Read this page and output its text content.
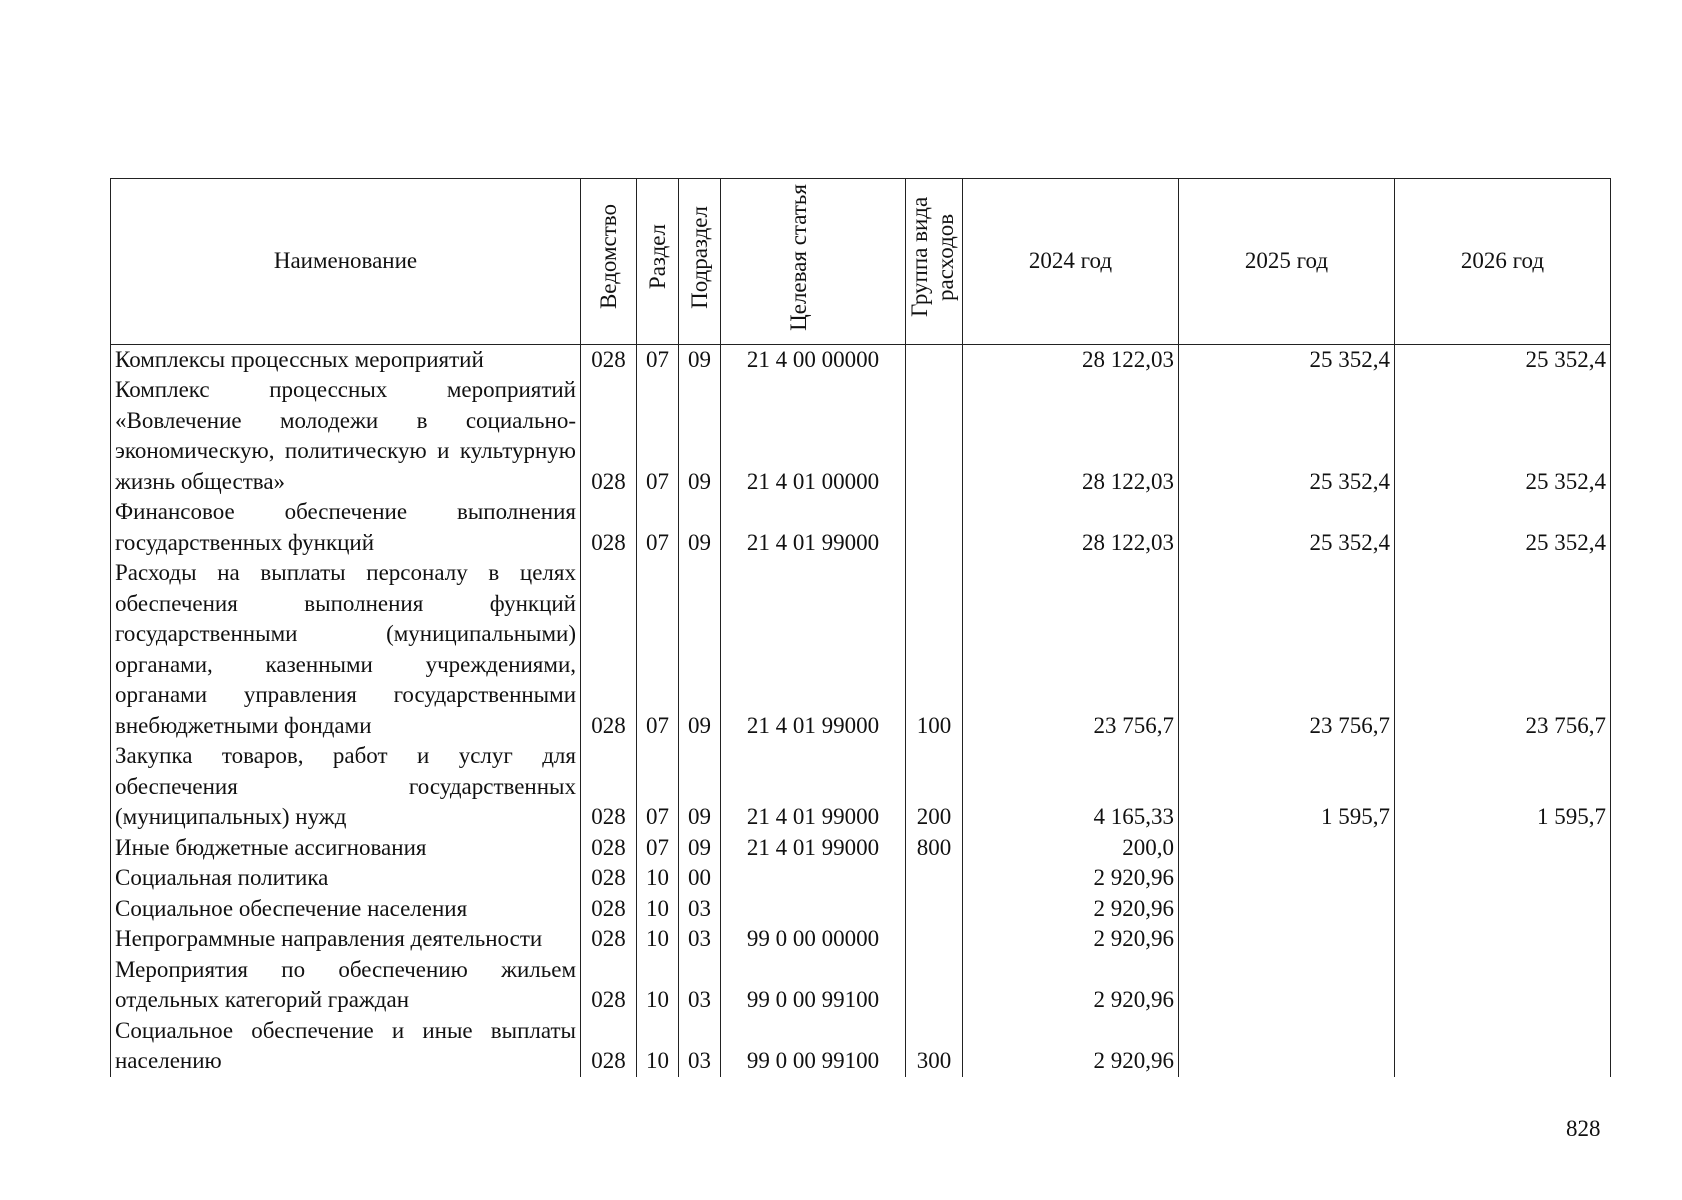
Наименование	Ведомство	Раздел	Подраздел	Целевая статья	Группа вида расходов	2024 год	2025 год	2026 год
Комплексы процессных мероприятий	028	07	09	21 4 00 00000		28 122,03	25 352,4	25 352,4
Комплекс процессных мероприятий «Вовлечение молодежи в социально-экономическую, политическую и культурную жизнь общества»	028	07	09	21 4 01 00000		28 122,03	25 352,4	25 352,4
Финансовое обеспечение выполнения государственных функций	028	07	09	21 4 01 99000		28 122,03	25 352,4	25 352,4
Расходы на выплаты персоналу в целях обеспечения выполнения функций государственными (муниципальными) органами, казенными учреждениями, органами управления государственными внебюджетными фондами	028	07	09	21 4 01 99000	100	23 756,7	23 756,7	23 756,7
Закупка товаров, работ и услуг для обеспечения государственных (муниципальных) нужд	028	07	09	21 4 01 99000	200	4 165,33	1 595,7	1 595,7
Иные бюджетные ассигнования	028	07	09	21 4 01 99000	800	200,0		
Социальная политика	028	10	00			2 920,96		
Социальное обеспечение населения	028	10	03			2 920,96		
Непрограммные направления деятельности	028	10	03	99 0 00 00000		2 920,96		
Мероприятия по обеспечению жильем отдельных категорий граждан	028	10	03	99 0 00 99100		2 920,96		
Социальное обеспечение и иные выплаты населению	028	10	03	99 0 00 99100	300	2 920,96		
828
